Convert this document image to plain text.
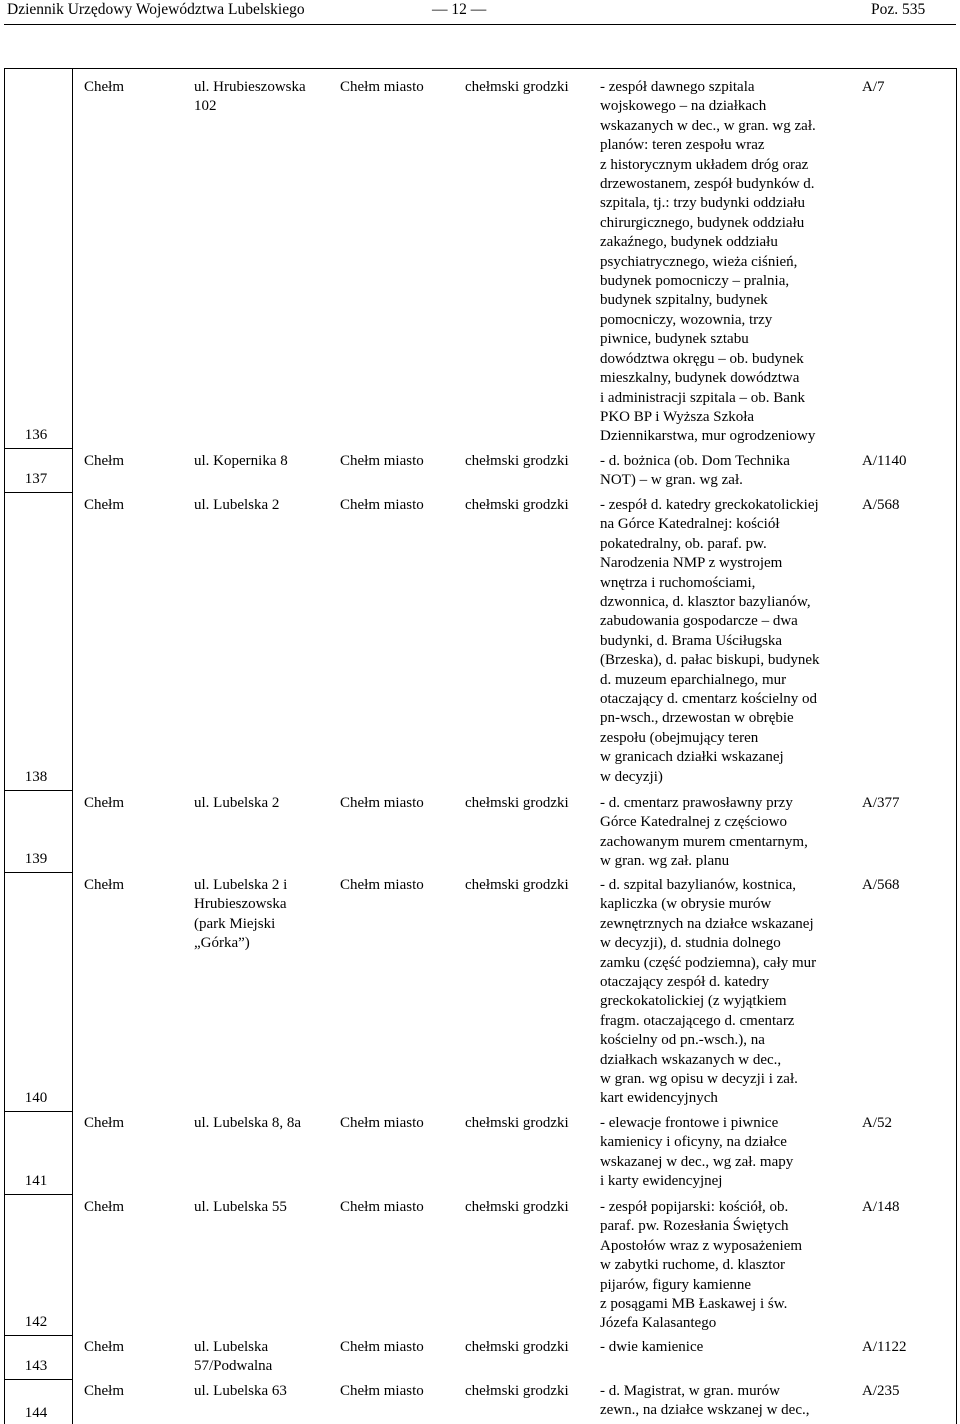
Dziennik Urzędowy Województwa Lubelskiego	— 12 —	Poz. 535
136
Chełm	ul. Hrubieszowska
102
Chełm miasto	chełmski grodzki	- zespół dawnego szpitala
wojskowego – na działkach
wskazanych w dec., w gran. wg zał.
planów: teren zespołu wraz
z historycznym układem dróg oraz
drzewostanem, zespół budynków d.
szpitala, tj.: trzy budynki oddziału
chirurgicznego, budynek oddziału
zakaźnego, budynek oddziału
psychiatrycznego, wieża ciśnień,
budynek pomocniczy – pralnia,
budynek szpitalny, budynek
pomocniczy, wozownia, trzy
piwnice, budynek sztabu
dowództwa okręgu – ob. budynek
mieszkalny, budynek dowództwa
i administracji szpitala – ob. Bank
PKO BP i Wyższa Szkoła
Dziennikarstwa, mur ogrodzeniowy
A/7
137
Chełm	ul. Kopernika 8	Chełm miasto	chełmski grodzki	- d. bożnica (ob. Dom Technika
NOT) – w gran. wg zał.
A/1140
138
Chełm	ul. Lubelska 2	Chełm miasto	chełmski grodzki	- zespół d. katedry greckokatolickiej
na Górce Katedralnej: kościół
pokatedralny, ob. paraf. pw.
Narodzenia NMP z wystrojem
wnętrza i ruchomościami,
dzwonnica, d. klasztor bazylianów,
zabudowania gospodarcze – dwa
budynki, d. Brama Uściługska
(Brzeska), d. pałac biskupi, budynek
d. muzeum eparchialnego, mur
otaczający d. cmentarz kościelny od
pn-wsch., drzewostan w obrębie
zespołu (obejmujący teren
w granicach działki wskazanej
w decyzji)
A/568
139
Chełm	ul. Lubelska 2	Chełm miasto	chełmski grodzki	- d. cmentarz prawosławny przy
Górce Katedralnej z częściowo
zachowanym murem cmentarnym,
w gran. wg zał. planu
A/377
140
Chełm	ul. Lubelska 2 i
Hrubieszowska
(park Miejski
„Górka”)
Chełm miasto	chełmski grodzki	- d. szpital bazylianów, kostnica,
kapliczka (w obrysie murów
zewnętrznych na działce wskazanej
w decyzji), d. studnia dolnego
zamku (część podziemna), cały mur
otaczający zespół d. katedry
greckokatolickiej (z wyjątkiem
fragm. otaczającego d. cmentarz
kościelny od pn.-wsch.), na
działkach wskazanych w dec.,
w gran. wg opisu w decyzji i zał.
kart ewidencyjnych
A/568
141
Chełm	ul. Lubelska 8, 8a	Chełm miasto	chełmski grodzki	- elewacje frontowe i piwnice
kamienicy i oficyny, na działce
wskazanej w dec., wg zał. mapy
i karty ewidencyjnej
A/52
142
Chełm	ul. Lubelska 55	Chełm miasto	chełmski grodzki	- zespół popijarski: kościół, ob.
paraf. pw. Rozesłania Świętych
Apostołów wraz z wyposażeniem
w zabytki ruchome, d. klasztor
pijarów, figury kamienne
z posągami MB Łaskawej i św.
Józefa Kalasantego
A/148
143
Chełm	ul. Lubelska
57/Podwalna
Chełm miasto	chełmski grodzki	- dwie kamienice	A/1122
144
Chełm	ul. Lubelska 63	Chełm miasto	chełmski grodzki	- d. Magistrat, w gran. murów
zewn., na działce wskzanej w dec.,
A/235
